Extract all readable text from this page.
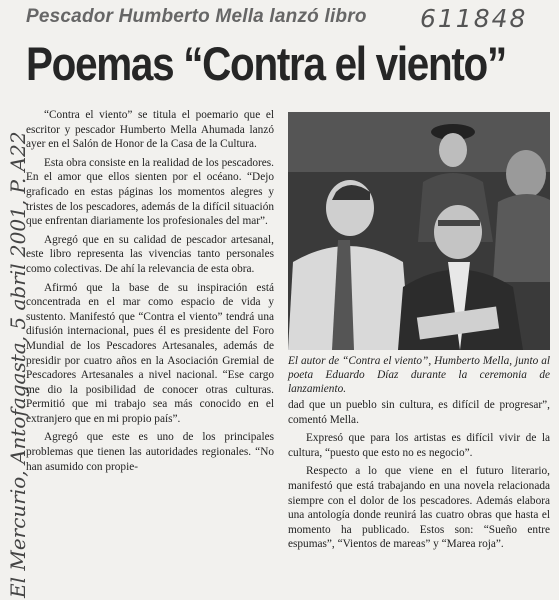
Pescador Humberto Mella lanzó libro 611848
Poemas “Contra el viento”
El Mercurio, Antofagasta, 5 abril 2001, P. A22

“Contra el viento” se titula el poemario que el escritor y pescador Humberto Mella Ahumada lanzó ayer en el Salón de Honor de la Casa de la Cultura.

Esta obra consiste en la realidad de los pescadores. En el amor que ellos sienten por el océano. “Dejo graficado en estas páginas los momentos alegres y tristes de los pescadores, además de la difícil situación que enfrentan diariamente los profesionales del mar”.

Agregó que en su calidad de pescador artesanal, este libro representa las vivencias tanto personales como colectivas. De ahí la relevancia de esta obra.

Afirmó que la base de su inspiración está concentrada en el mar como espacio de vida y sustento. Manifestó que “Contra el viento” tendrá una difusión internacional, pues él es presidente del Foro Mundial de los Pescadores Artesanales, además de presidir por cuatro años en la Asociación Gremial de Pescadores Artesanales a nivel nacional. “Ese cargo me dio la posibilidad de conocer otras culturas. Permitió que mi trabajo sea más conocido en el extranjero que en mi propio país”.

Agregó que este es uno de los principales problemas que tienen las autoridades regionales. “No han asumido con propie-

El autor de “Contra el viento”, Humberto Mella, junto al poeta Eduardo Díaz durante la ceremonia de lanzamiento.

dad que un pueblo sin cultura, es difícil de progresar”, comentó Mella.

Expresó que para los artistas es difícil vivir de la cultura, “puesto que esto no es negocio”.

Respecto a lo que viene en el futuro literario, manifestó que está trabajando en una novela relacionada siempre con el dolor de los pescadores. Además elabora una antología donde reunirá las cuatro obras que hasta el momento ha publicado. Estos son: “Sueño entre espumas”, “Vientos de mareas” y “Marea roja”.
